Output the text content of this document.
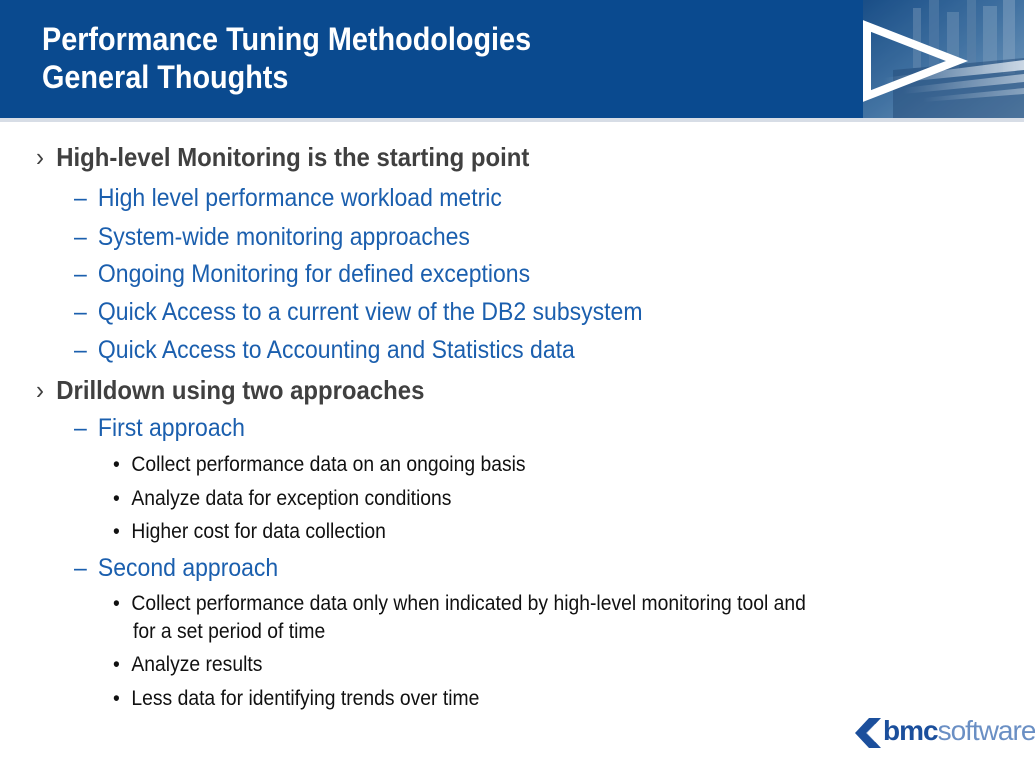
Performance Tuning Methodologies
General Thoughts
› High-level Monitoring is the starting point
– High level performance workload metric
– System-wide monitoring approaches
– Ongoing Monitoring for defined exceptions
– Quick Access to a current view of the DB2 subsystem
– Quick Access to Accounting and Statistics data
› Drilldown using two approaches
– First approach
• Collect performance data on an ongoing basis
• Analyze data for exception conditions
• Higher cost for data collection
– Second approach
• Collect performance data only when indicated by high-level monitoring tool and
for a set period of time
• Analyze results
• Less data for identifying trends over time
bmcsoftware
